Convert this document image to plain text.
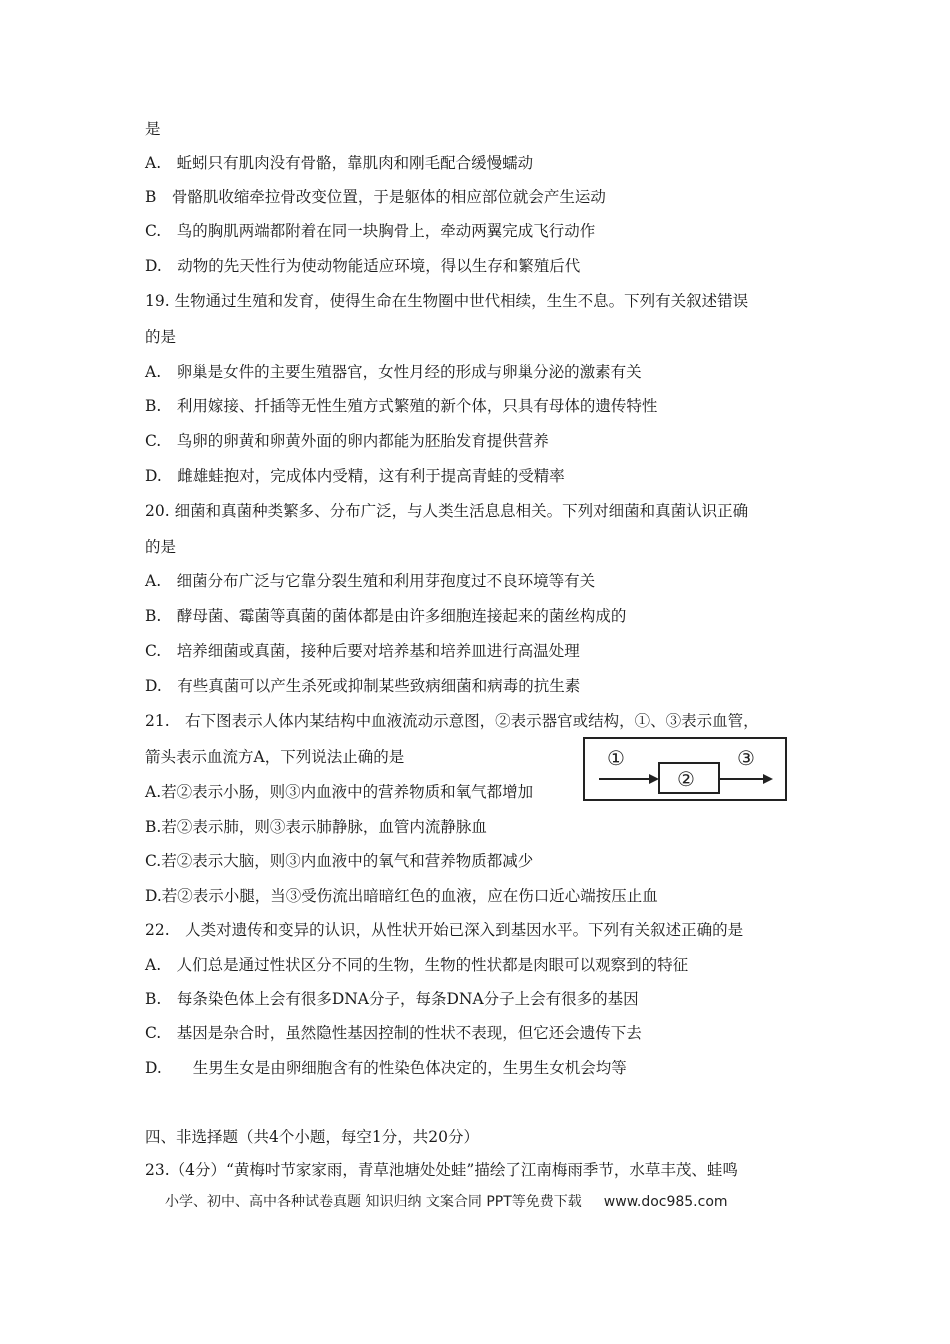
是
A.　蚯蚓只有肌肉没有骨骼，靠肌肉和刚毛配合缓慢蠕动
B　骨骼肌收缩牵拉骨改变位置，于是躯体的相应部位就会产生运动
C.　鸟的胸肌两端都附着在同一块胸骨上，牵动两翼完成飞行动作
D.　动物的先天性行为使动物能适应环境，得以生存和繁殖后代
19. 生物通过生殖和发育，使得生命在生物圈中世代相续，生生不息。下列有关叙述错误
的是
A.　卵巢是女件的主要生殖器官，女性月经的形成与卵巢分泌的激素有关
B.　利用嫁接、扦插等无性生殖方式繁殖的新个体，只具有母体的遗传特性
C.　鸟卵的卵黄和卵黄外面的卵内都能为胚胎发育提供营养
D.　雌雄蛙抱对，完成体内受精，这有利于提高青蛙的受精率
20. 细菌和真菌种类繁多、分布广泛，与人类生活息息相关。下列对细菌和真菌认识正确
的是
A.　细菌分布广泛与它靠分裂生殖和利用芽孢度过不良环境等有关
B.　酵母菌、霉菌等真菌的菌体都是由许多细胞连接起来的菌丝构成的
C.　培养细菌或真菌，接种后要对培养基和培养皿进行高温处理
D.　有些真菌可以产生杀死或抑制某些致病细菌和病毒的抗生素
21.　右下图表示人体内某结构中血液流动示意图，②表示器官或结构，①、③表示血管，
箭头表示血流方A，下列说法止确的是
A.若②表示小肠，则③内血液中的营养物质和氧气都增加
B.若②表示肺，则③表示肺静脉，血管内流静脉血
C.若②表示大脑，则③内血液中的氧气和营养物质都减少
D.若②表示小腿，当③受伤流出暗暗红色的血液，应在伤口近心端按压止血
22.　人类对遗传和变异的认识，从性状开始已深入到基因水平。下列有关叙述正确的是
A.　人们总是通过性状区分不同的生物，生物的性状都是肉眼可以观察到的特征
B.　每条染色体上会有很多DNA分子，每条DNA分子上会有很多的基因
C.　基因是杂合时，虽然隐性基因控制的性状不表现，但它还会遗传下去
D.　　生男生女是由卵细胞含有的性染色体决定的，生男生女机会均等
四、非选择题（共4个小题，每空1分，共20分）
23.（4分）“黄梅吋节家家雨，青草池塘处处蛙”描绘了江南梅雨季节，水草丰茂、蛙鸣
①
②
③
小学、初中、高中各种试卷真题 知识归纳 文案合同 PPT等免费下载 www.doc985.com
